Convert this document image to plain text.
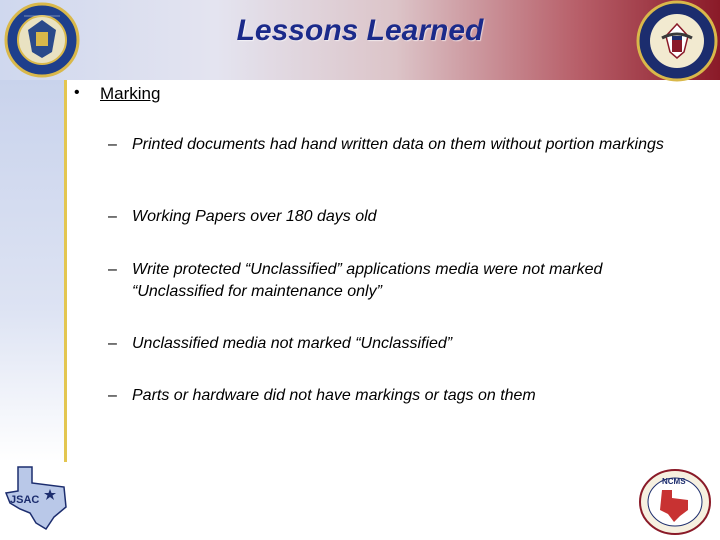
Lessons Learned
• Marking
– Printed documents had hand written data on them without portion markings
– Working Papers over 180 days old
– Write protected “Unclassified” applications media were not marked “Unclassified for maintenance only”
– Unclassified media not marked “Unclassified”
– Parts or hardware did not have markings or tags on them
JSAC
NCMS
